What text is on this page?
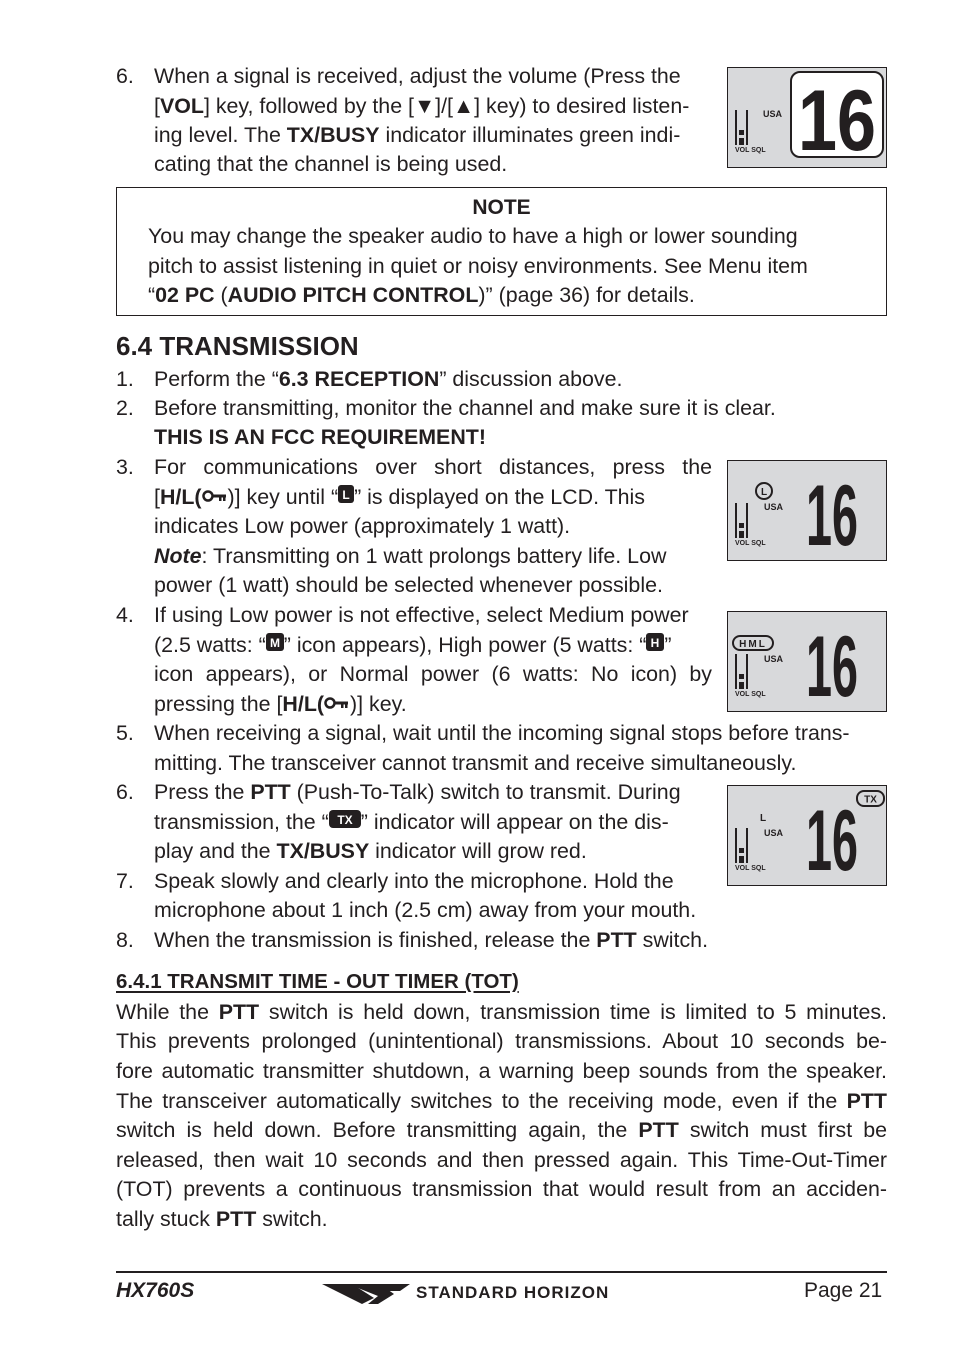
6. When a signal is received, adjust the volume (Press the
[VOL] key, followed by the [▼]/[▲] key) to desired listen-
ing level. The TX/BUSY indicator illuminates green indi-
cating that the channel is being used.
VOL SQL
USA 16
NOTE
You may change the speaker audio to have a high or lower sounding
pitch to assist listening in quiet or noisy environments. See Menu item
“02 PC (AUDIO PITCH CONTROL)” (page 36) for details.
6.4 TRANSMISSION
1. Perform the “6.3 RECEPTION” discussion above.
2. Before transmitting, monitor the channel and make sure it is clear.
THIS IS AN FCC REQUIREMENT!
3. For communications over short distances, press the
[H/L( )] key until “ L ” is displayed on the LCD. This
indicates Low power (approximately 1 watt).
Note: Transmitting on 1 watt prolongs battery life. Low
power (1 watt) should be selected whenever possible.
VOL SQL
L
USA 16
4. If using Low power is not effective, select Medium power
(2.5 watts: “ M ” icon appears), High power (5 watts: “ H ”
icon appears), or Normal power (6 watts: No icon) by
pressing the [H/L( )] key.	VOL SQL
HML
USA 16
5. When receiving a signal, wait until the incoming signal stops before trans-
mitting. The transceiver cannot transmit and receive simultaneously.
6. Press the PTT (Push-To-Talk) switch to transmit. During
transmission, the “ TX ” indicator will appear on the dis-
play and the TX/BUSY indicator will grow red.
VOL SQL
L
USA 16 TX
7. Speak slowly and clearly into the microphone. Hold the
microphone about 1 inch (2.5 cm) away from your mouth.
8. When the transmission is finished, release the PTT switch.
6.4.1 TRANSMIT TIME - OUT TIMER (TOT)
While the PTT switch is held down, transmission time is limited to 5 minutes.
This prevents prolonged (unintentional) transmissions. About 10 seconds be-
fore automatic transmitter shutdown, a warning beep sounds from the speaker.
The transceiver automatically switches to the receiving mode, even if the PTT
switch is held down. Before transmitting again, the PTT switch must first be
released, then wait 10 seconds and then pressed again. This Time-Out-Timer
(TOT) prevents a continuous transmission that would result from an acciden-
tally stuck PTT switch.
HX760S	STANDARD HORIZON	Page 21
